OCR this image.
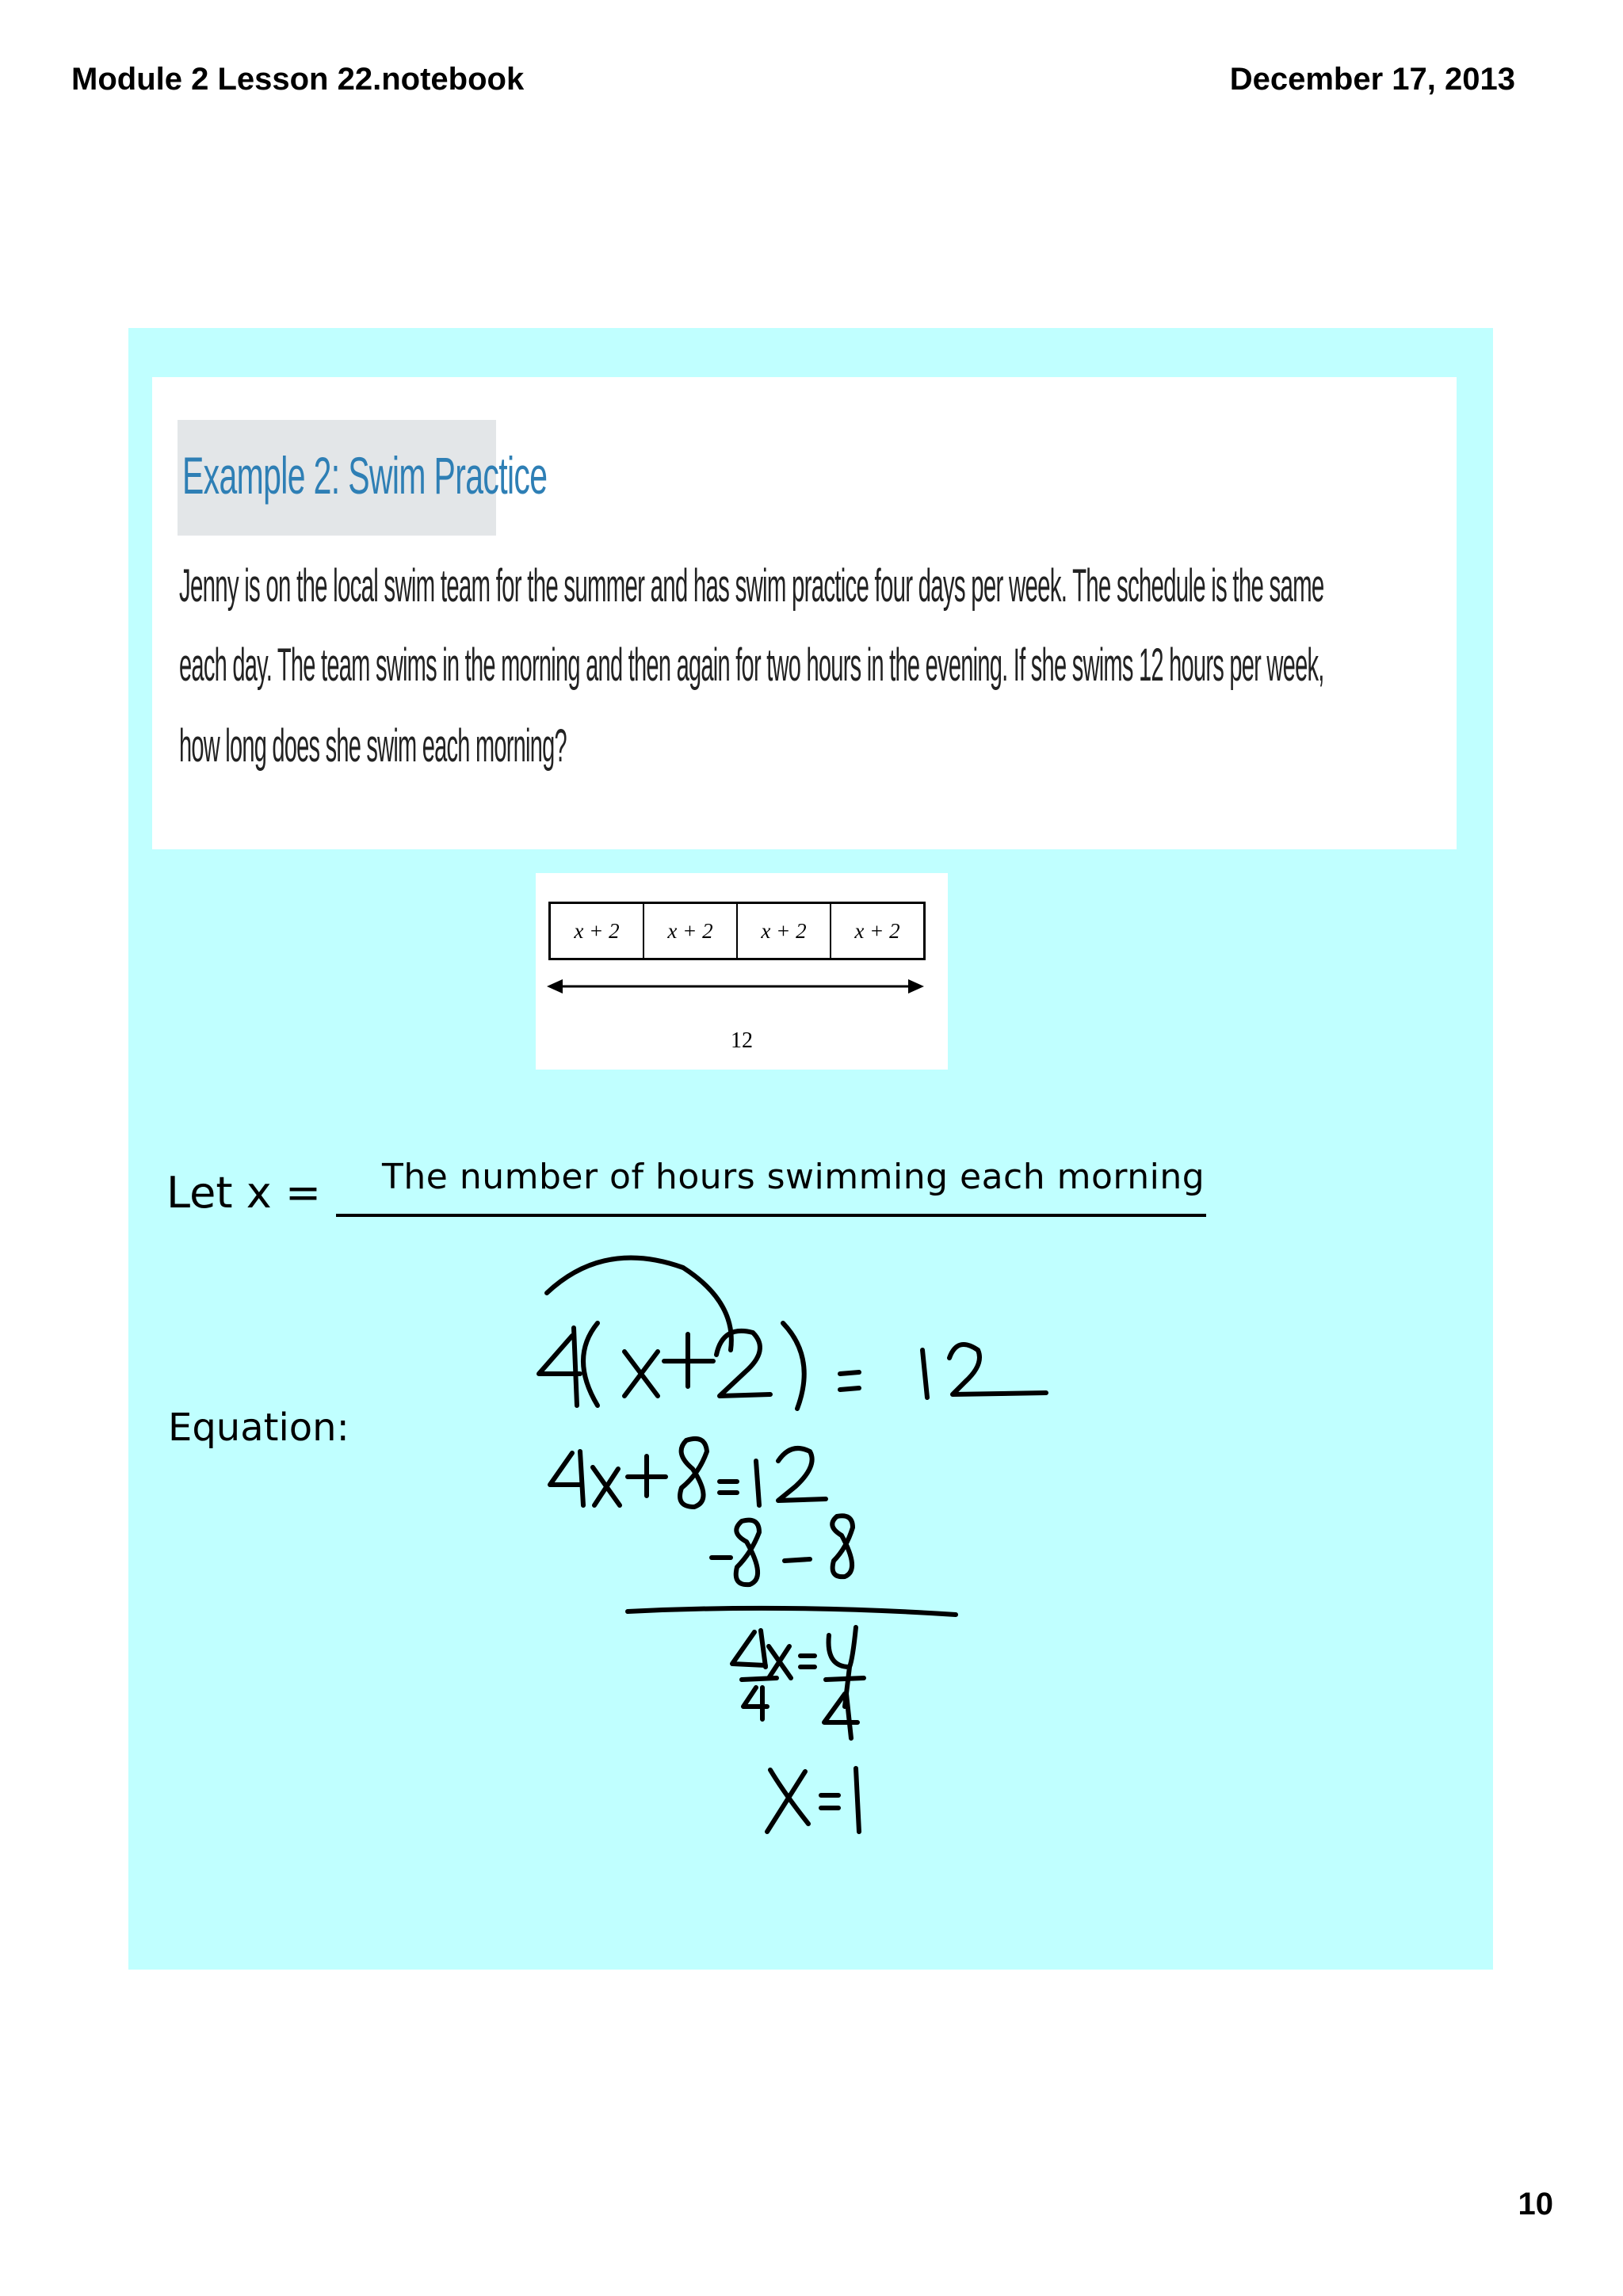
Module 2 Lesson 22.notebook	December 17, 2013
Example 2: Swim Practice
Jenny is on the local swim team for the summer and has swim practice four days per week. The schedule is the same
each day. The team swims in the morning and then again for two hours in the evening. If she swims 12 hours per week,
how long does she swim each morning?
x + 2	x + 2	x + 2	x + 2
12
Let x = The number of hours swimming each morning
Equation:
10
